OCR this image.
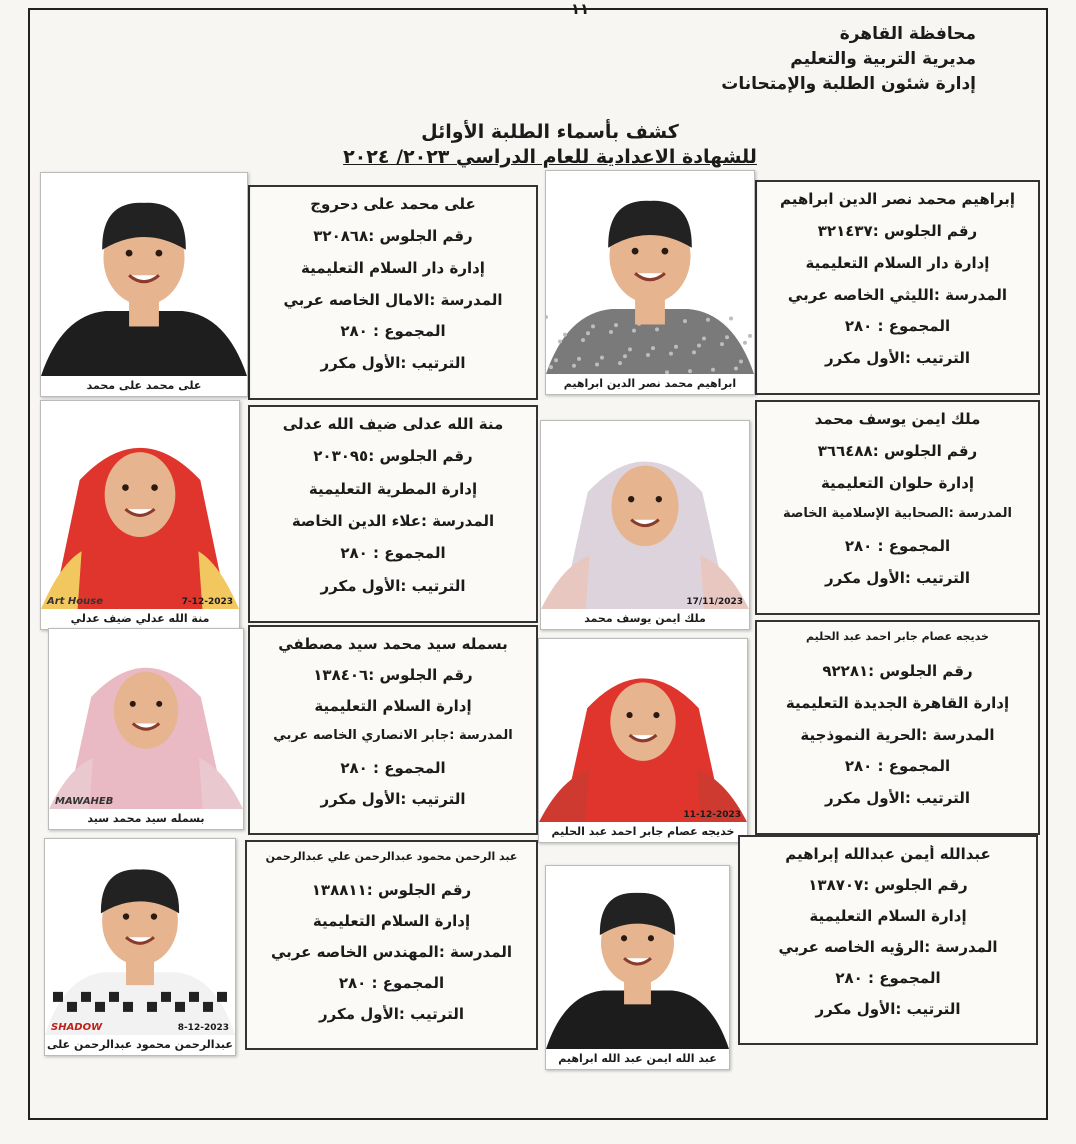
١١
محافظة القاهرة
مديرية التربية والتعليم
إدارة شئون الطلبة والإمتحانات
كشف بأسماء الطلبة الأوائل
للشهادة الاعدادية للعام الدراسي ٢٠٢٣/ ٢٠٢٤
إبراهيم محمد نصر الدين ابراهيم
رقم الجلوس :٣٢١٤٣٧
إدارة دار السلام التعليمية
المدرسة :الليثي الخاصه عربي
المجموع : ٢٨٠
الترتيب :الأول مكرر
ابراهيم محمد نصر الدين ابراهيم
على محمد على دحروج
رقم الجلوس :٣٢٠٨٦٨
إدارة دار السلام التعليمية
المدرسة :الامال الخاصه عربي
المجموع : ٢٨٠
الترتيب :الأول مكرر
على محمد على محمد
ملك ايمن يوسف محمد
رقم الجلوس :٣٦٦٤٨٨
إدارة حلوان التعليمية
المدرسة :الصحابية الإسلامية الخاصة
المجموع : ٢٨٠
الترتيب :الأول مكرر
ملك ايمن يوسف محمد
17/11/2023
منة الله عدلى ضيف الله عدلى
رقم الجلوس :٢٠٣٠٩٥
إدارة المطرية التعليمية
المدرسة :علاء الدين الخاصة
المجموع : ٢٨٠
الترتيب :الأول مكرر
منة الله عدلي ضيف عدلي
7-12-2023
Art House
خديجه عصام جابر احمد عبد الحليم
رقم الجلوس :٩٢٢٨١
إدارة القاهرة الجديدة التعليمية
المدرسة :الحرية النموذجية
المجموع : ٢٨٠
الترتيب :الأول مكرر
خديجه عصام جابر احمد عبد الحليم
11-12-2023
بسمله سيد محمد سيد مصطفي
رقم الجلوس :١٣٨٤٠٦
إدارة السلام التعليمية
المدرسة :جابر الانصاري الخاصه عربي
المجموع : ٢٨٠
الترتيب :الأول مكرر
بسمله سيد محمد سيد
MAWAHEB
عبدالله أيمن عبدالله إبراهيم
رقم الجلوس :١٣٨٧٠٧
إدارة السلام التعليمية
المدرسة :الرؤيه الخاصه عربي
المجموع : ٢٨٠
الترتيب :الأول مكرر
عبد الله ايمن عبد الله ابراهيم
7-11-2023
عبد الرحمن محمود عبدالرحمن علي عبدالرحمن
رقم الجلوس :١٣٨٨١١
إدارة السلام التعليمية
المدرسة :المهندس الخاصه عربي
المجموع : ٢٨٠
الترتيب :الأول مكرر
عبدالرحمن محمود عبدالرحمن على
8-12-2023
SHADOW
